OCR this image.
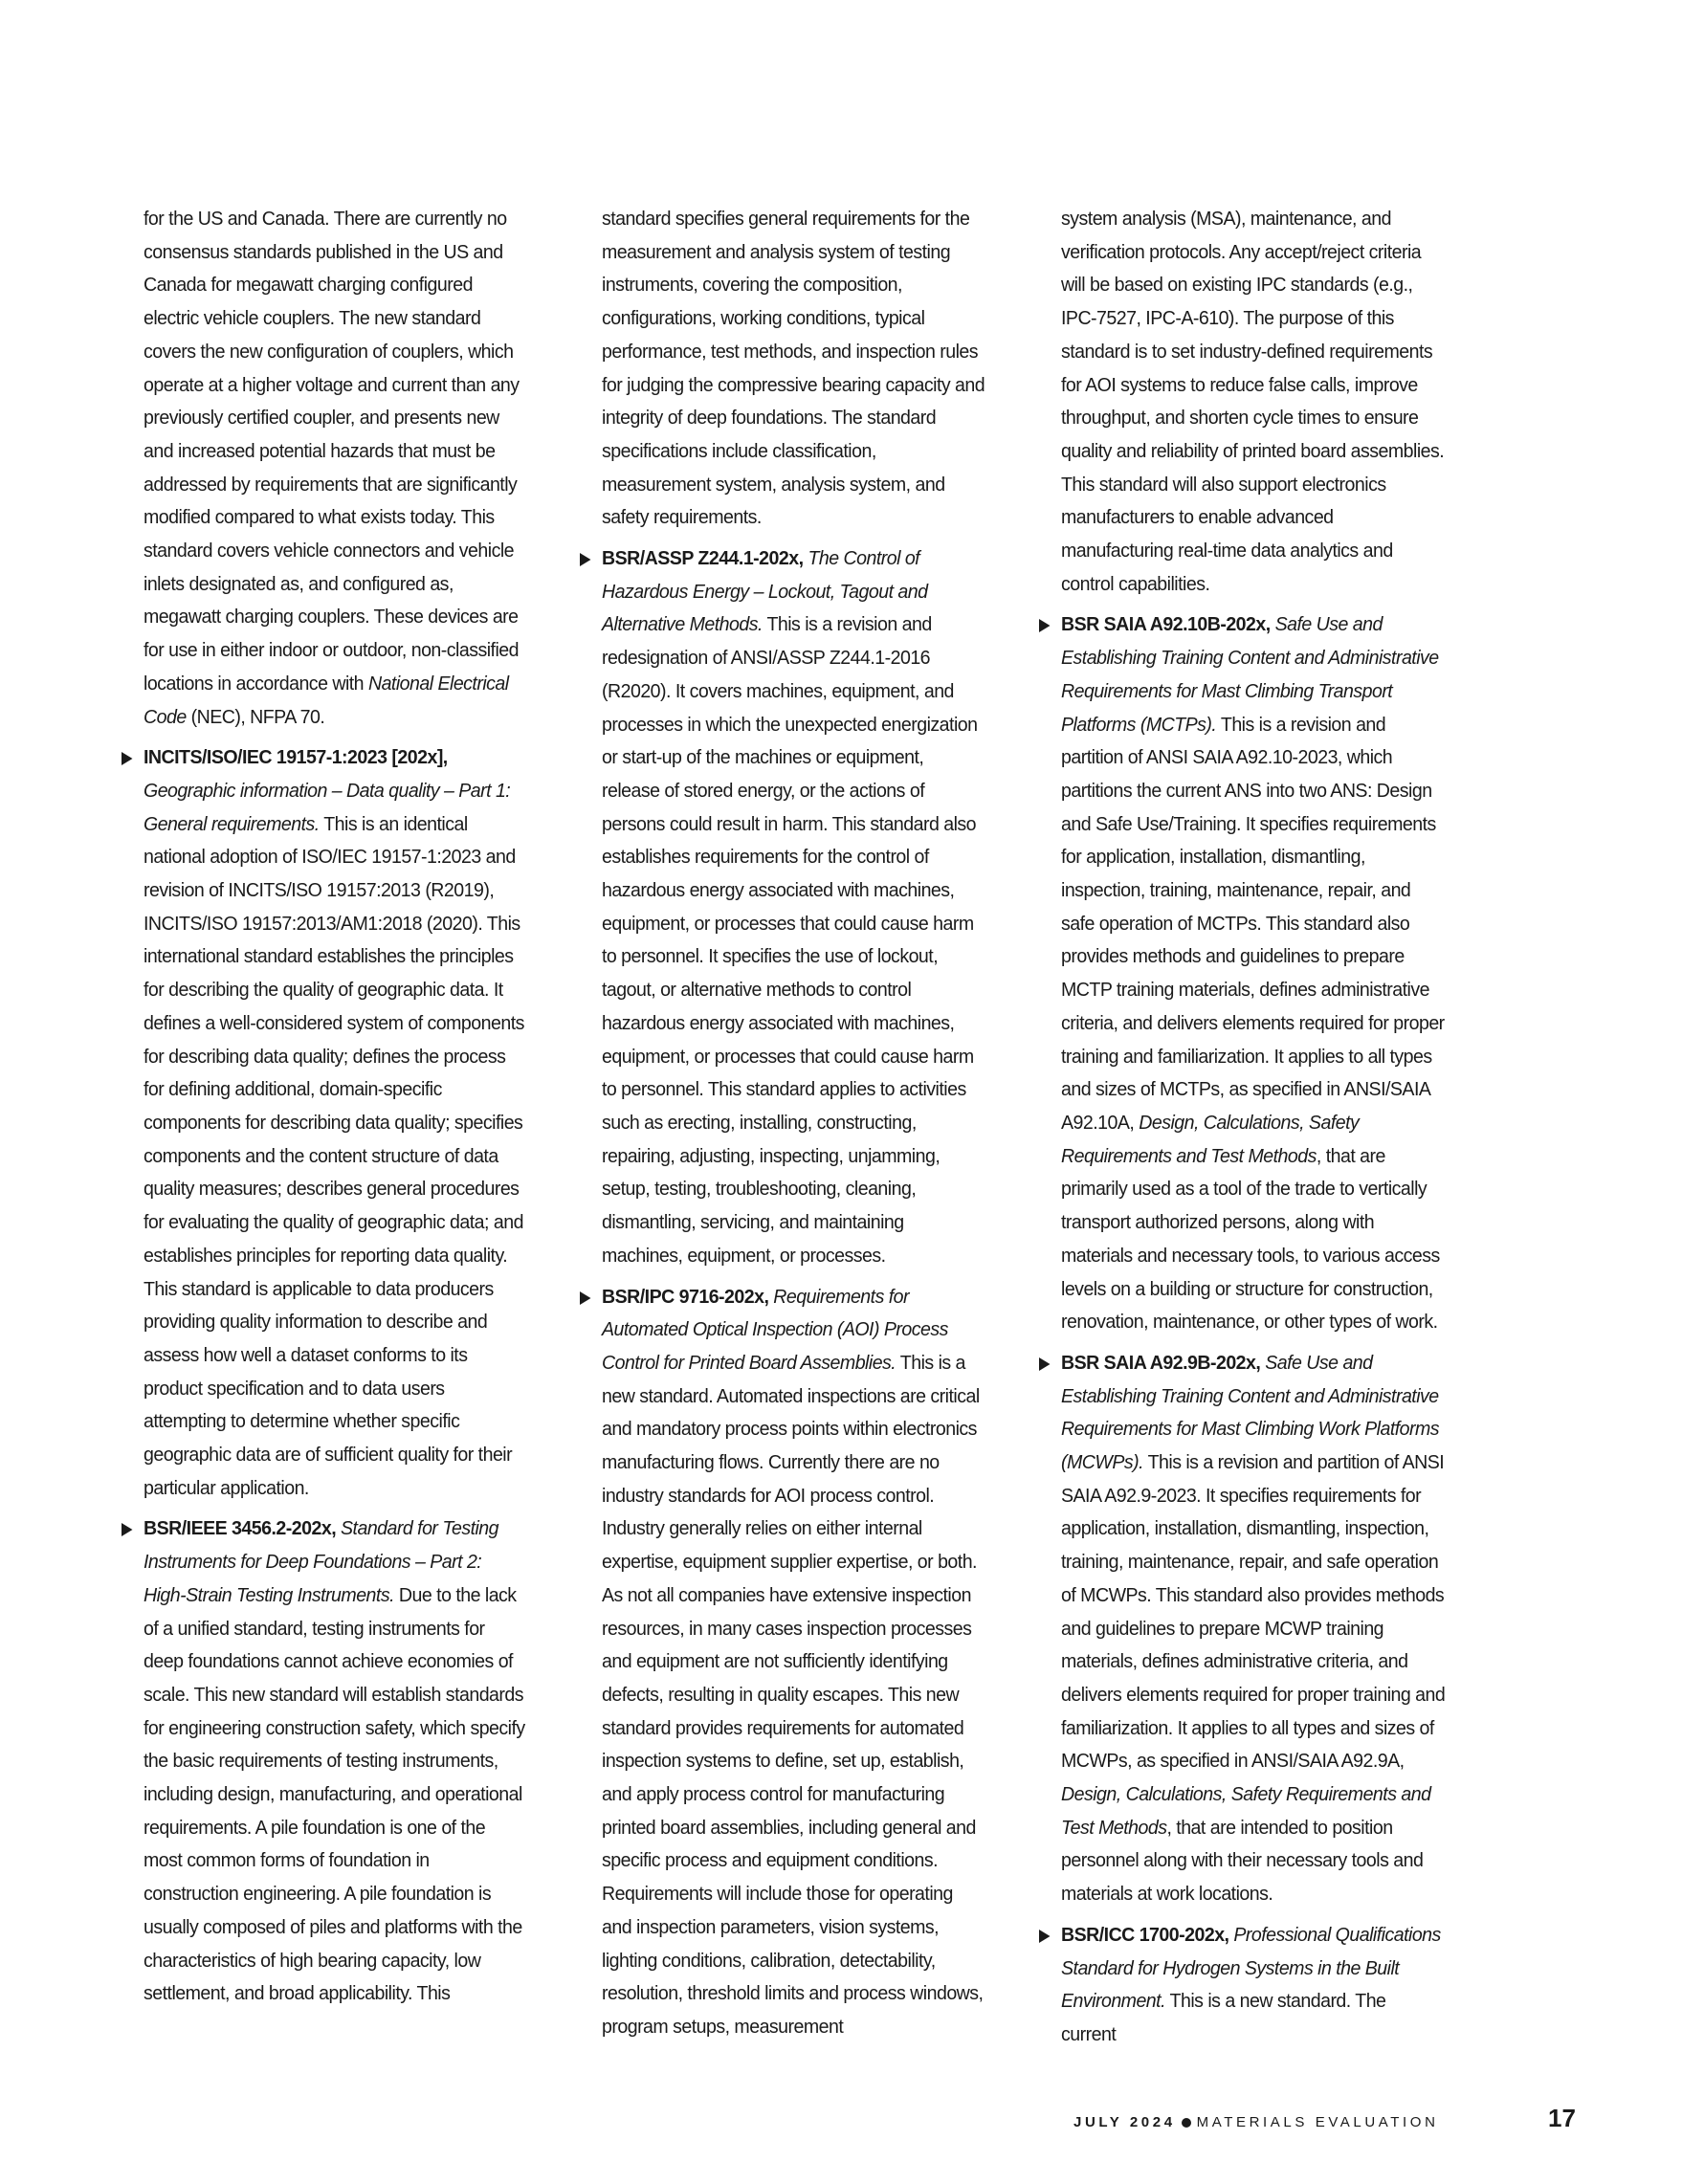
for the US and Canada. There are currently no consensus standards published in the US and Canada for megawatt charging configured electric vehicle couplers. The new standard covers the new configuration of couplers, which operate at a higher voltage and current than any previously certified coupler, and presents new and increased potential hazards that must be addressed by requirements that are significantly modified compared to what exists today. This standard covers vehicle connectors and vehicle inlets designated as, and configured as, megawatt charging couplers. These devices are for use in either indoor or outdoor, non-classified locations in accordance with National Electrical Code (NEC), NFPA 70.

INCITS/ISO/IEC 19157-1:2023 [202x], Geographic information – Data quality – Part 1: General requirements. This is an identical national adoption of ISO/IEC 19157-1:2023 and revision of INCITS/ISO 19157:2013 (R2019), INCITS/ISO 19157:2013/AM1:2018 (2020). This international standard establishes the principles for describing the quality of geographic data. It defines a well-considered system of components for describing data quality; defines the process for defining additional, domain-specific components for describing data quality; specifies components and the content structure of data quality measures; describes general procedures for evaluating the quality of geographic data; and establishes principles for reporting data quality. This standard is applicable to data producers providing quality information to describe and assess how well a dataset conforms to its product specification and to data users attempting to determine whether specific geographic data are of sufficient quality for their particular application.
BSR/IEEE 3456.2-202x, Standard for Testing Instruments for Deep Foundations – Part 2: High-Strain Testing Instruments. Due to the lack of a unified standard, testing instruments for deep foundations cannot achieve economies of scale. This new standard will establish standards for engineering construction safety, which specify the basic requirements of testing instruments, including design, manufacturing, and operational requirements. A pile foundation is one of the most common forms of foundation in construction engineering. A pile foundation is usually composed of piles and platforms with the characteristics of high bearing capacity, low settlement, and broad applicability. This

standard specifies general requirements for the measurement and analysis system of testing instruments, covering the composition, configurations, working conditions, typical performance, test methods, and inspection rules for judging the compressive bearing capacity and integrity of deep foundations. The standard specifications include classification, measurement system, analysis system, and safety requirements.

BSR/ASSP Z244.1-202x, The Control of Hazardous Energy – Lockout, Tagout and Alternative Methods. This is a revision and redesignation of ANSI/ASSP Z244.1-2016 (R2020). It covers machines, equipment, and processes in which the unexpected energization or start-up of the machines or equipment, release of stored energy, or the actions of persons could result in harm. This standard also establishes requirements for the control of hazardous energy associated with machines, equipment, or processes that could cause harm to personnel. It specifies the use of lockout, tagout, or alternative methods to control hazardous energy associated with machines, equipment, or processes that could cause harm to personnel. This standard applies to activities such as erecting, installing, constructing, repairing, adjusting, inspecting, unjamming, setup, testing, troubleshooting, cleaning, dismantling, servicing, and maintaining machines, equipment, or processes.
BSR/IPC 9716-202x, Requirements for Automated Optical Inspection (AOI) Process Control for Printed Board Assemblies. This is a new standard. Automated inspections are critical and mandatory process points within electronics manufacturing flows. Currently there are no industry standards for AOI process control. Industry generally relies on either internal expertise, equipment supplier expertise, or both. As not all companies have extensive inspection resources, in many cases inspection processes and equipment are not sufficiently identifying defects, resulting in quality escapes. This new standard provides requirements for automated inspection systems to define, set up, establish, and apply process control for manufacturing printed board assemblies, including general and specific process and equipment conditions. Requirements will include those for operating and inspection parameters, vision systems, lighting conditions, calibration, detectability, resolution, threshold limits and process windows, program setups, measurement

system analysis (MSA), maintenance, and verification protocols. Any accept/reject criteria will be based on existing IPC standards (e.g., IPC-7527, IPC-A-610). The purpose of this standard is to set industry-defined requirements for AOI systems to reduce false calls, improve throughput, and shorten cycle times to ensure quality and reliability of printed board assemblies. This standard will also support electronics manufacturers to enable advanced manufacturing real-time data analytics and control capabilities.

BSR SAIA A92.10B-202x, Safe Use and Establishing Training Content and Administrative Requirements for Mast Climbing Transport Platforms (MCTPs). This is a revision and partition of ANSI SAIA A92.10-2023, which partitions the current ANS into two ANS: Design and Safe Use/Training. It specifies requirements for application, installation, dismantling, inspection, training, maintenance, repair, and safe operation of MCTPs. This standard also provides methods and guidelines to prepare MCTP training materials, defines administrative criteria, and delivers elements required for proper training and familiarization. It applies to all types and sizes of MCTPs, as specified in ANSI/SAIA A92.10A, Design, Calculations, Safety Requirements and Test Methods, that are primarily used as a tool of the trade to vertically transport authorized persons, along with materials and necessary tools, to various access levels on a building or structure for construction, renovation, maintenance, or other types of work.
BSR SAIA A92.9B-202x, Safe Use and Establishing Training Content and Administrative Requirements for Mast Climbing Work Platforms (MCWPs). This is a revision and partition of ANSI SAIA A92.9-2023. It specifies requirements for application, installation, dismantling, inspection, training, maintenance, repair, and safe operation of MCWPs. This standard also provides methods and guidelines to prepare MCWP training materials, defines administrative criteria, and delivers elements required for proper training and familiarization. It applies to all types and sizes of MCWPs, as specified in ANSI/SAIA A92.9A, Design, Calculations, Safety Requirements and Test Methods, that are intended to position personnel along with their necessary tools and materials at work locations.
BSR/ICC 1700-202x, Professional Qualifications Standard for Hydrogen Systems in the Built Environment. This is a new standard. The current
JULY 2024 MATERIALS EVALUATION	17
